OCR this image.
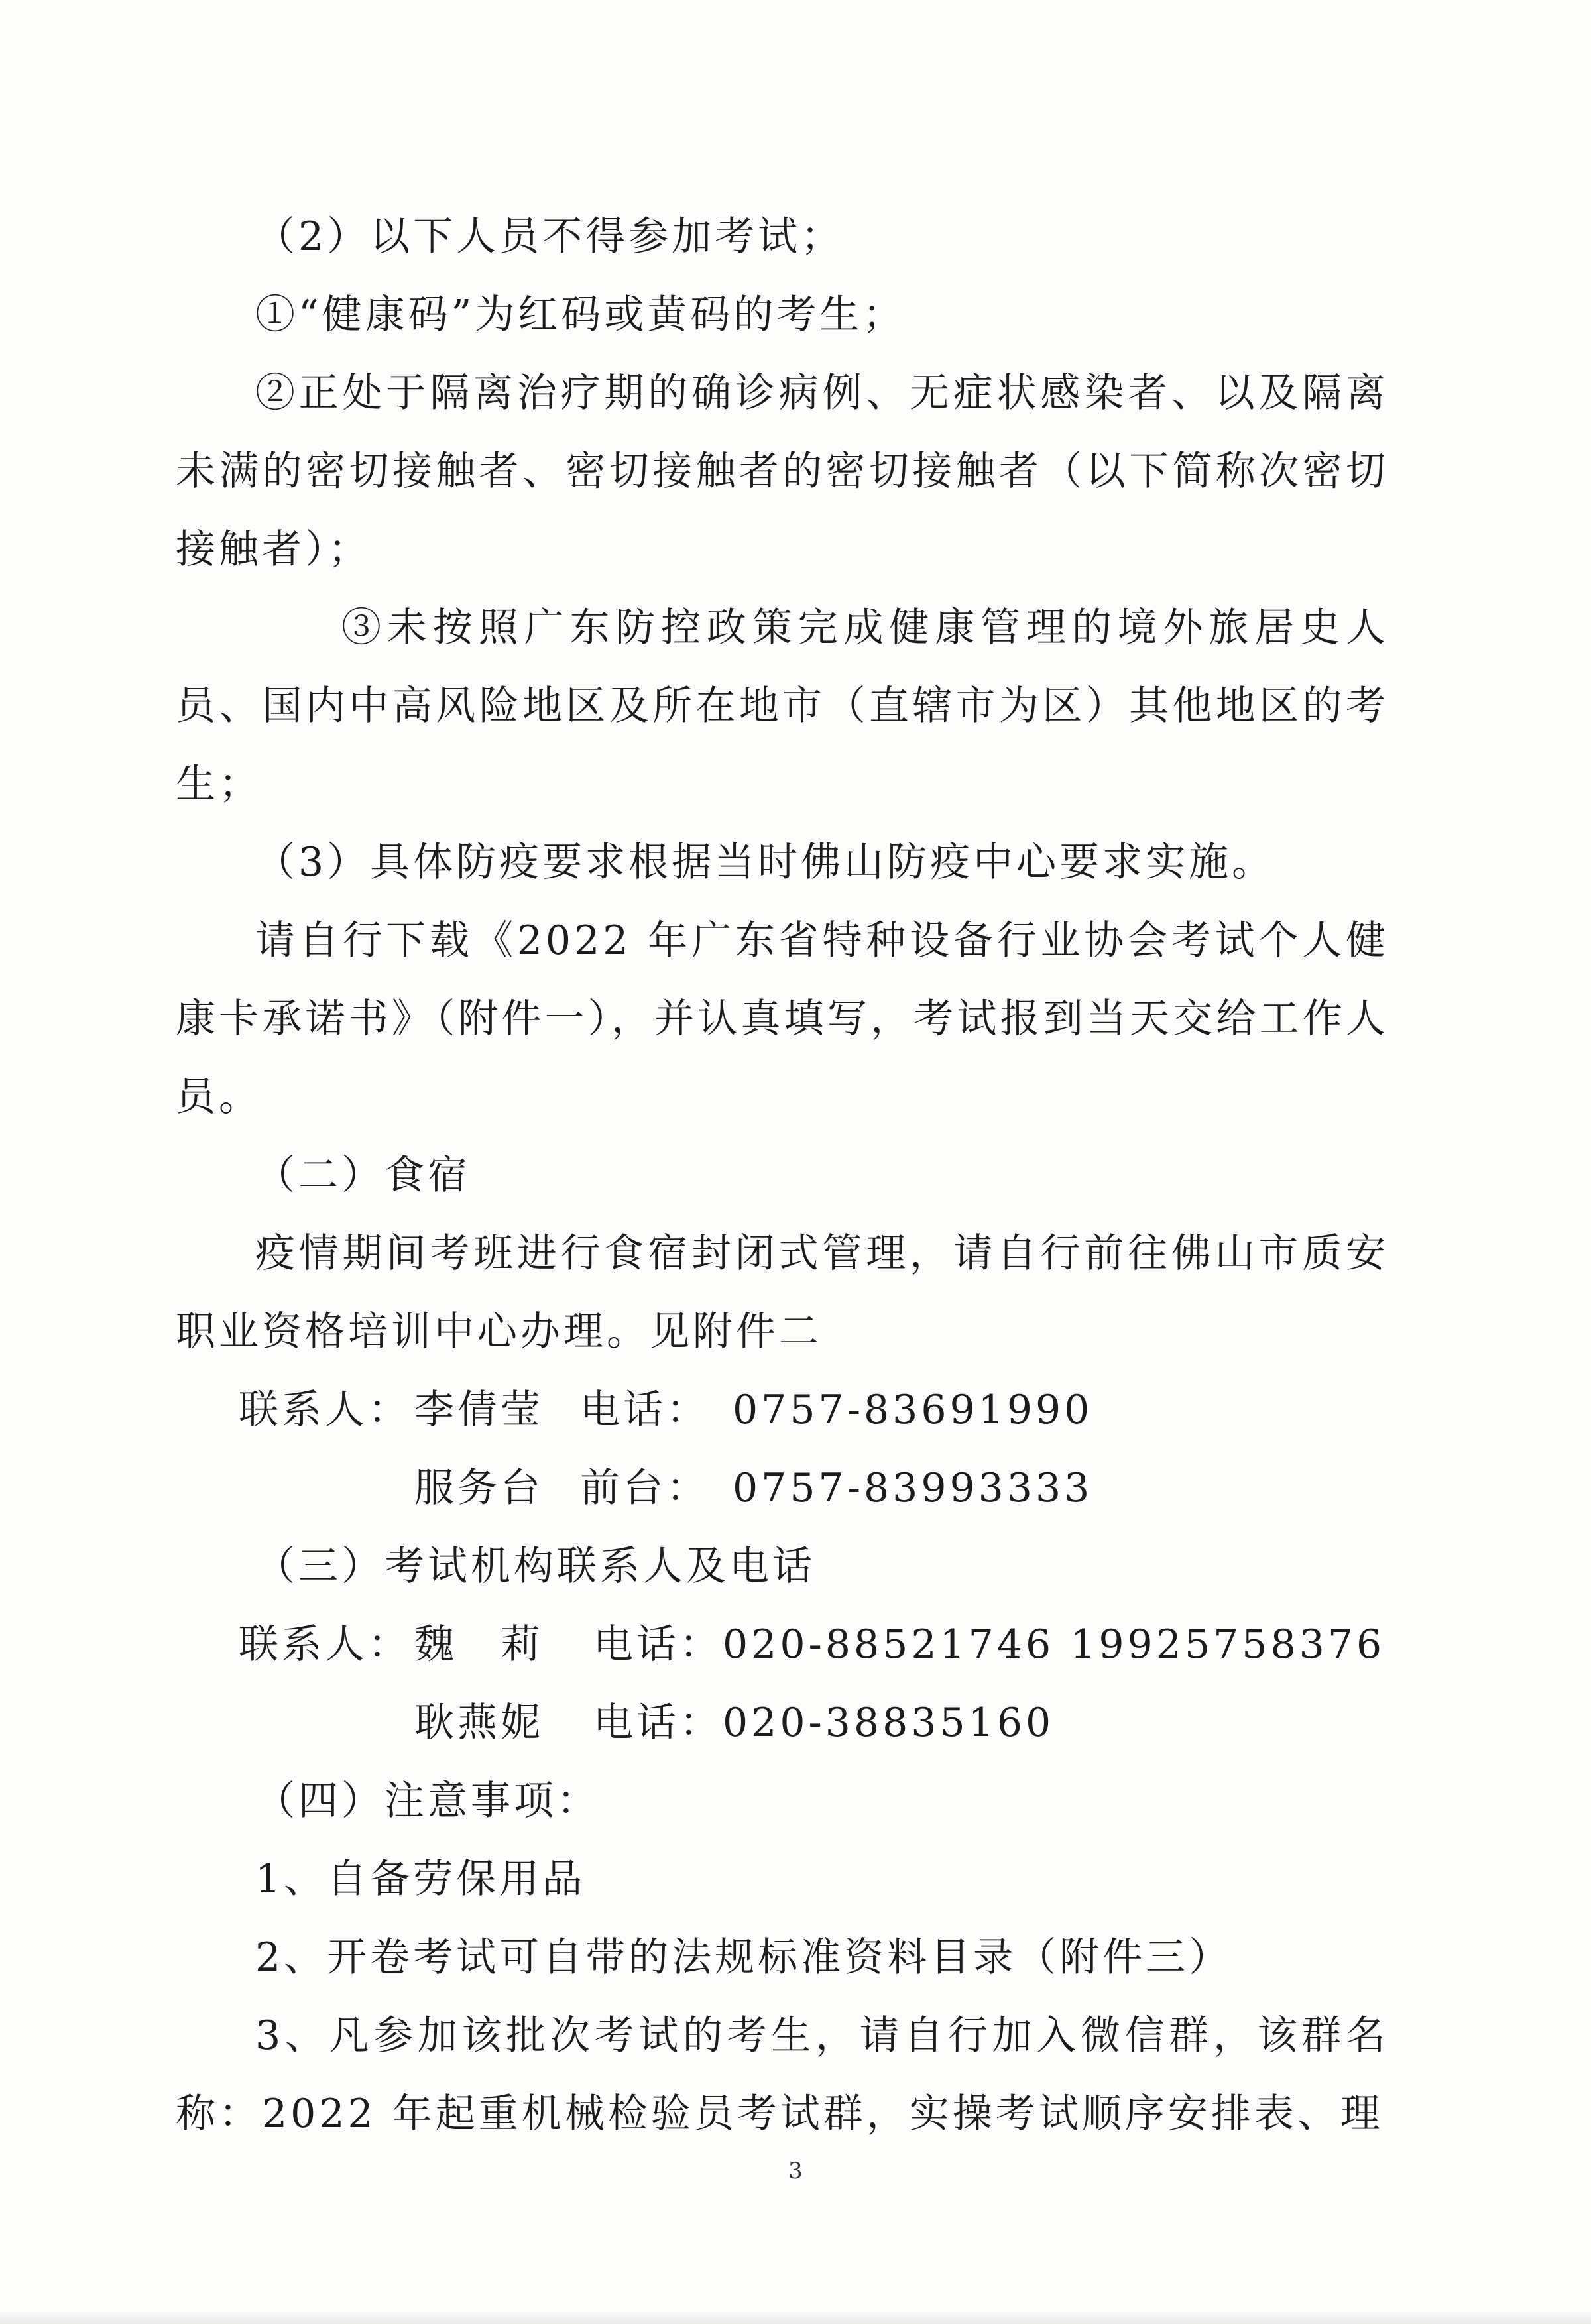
（2）以下人员不得参加考试；

①“健康码”为红码或黄码的考生；

②正处于隔离治疗期的确诊病例、无症状感染者、以及隔离未满的密切接触者、密切接触者的密切接触者（以下简称次密切接触者）；

③未按照广东防控政策完成健康管理的境外旅居史人员、国内中高风险地区及所在地市（直辖市为区）其他地区的考生；

（3）具体防疫要求根据当时佛山防疫中心要求实施。

请自行下载《2022 年广东省特种设备行业协会考试个人健康卡承诺书》（附件一），并认真填写，考试报到当天交给工作人员。

（二）食宿

疫情期间考班进行食宿封闭式管理，请自行前往佛山市质安职业资格培训中心办理。见附件二

联系人： 李倩莹 电话： 0757-83691990
服务台 前台： 0757-83993333

（三）考试机构联系人及电话

联系人： 魏　莉	电话： 020-88521746 19925758376
耿燕妮	电话： 020-38835160

（四）注意事项：

1、自备劳保用品

2、开卷考试可自带的法规标准资料目录（附件三）

3、凡参加该批次考试的考生，请自行加入微信群，该群名称：2022 年起重机械检验员考试群，实操考试顺序安排表、理

3
